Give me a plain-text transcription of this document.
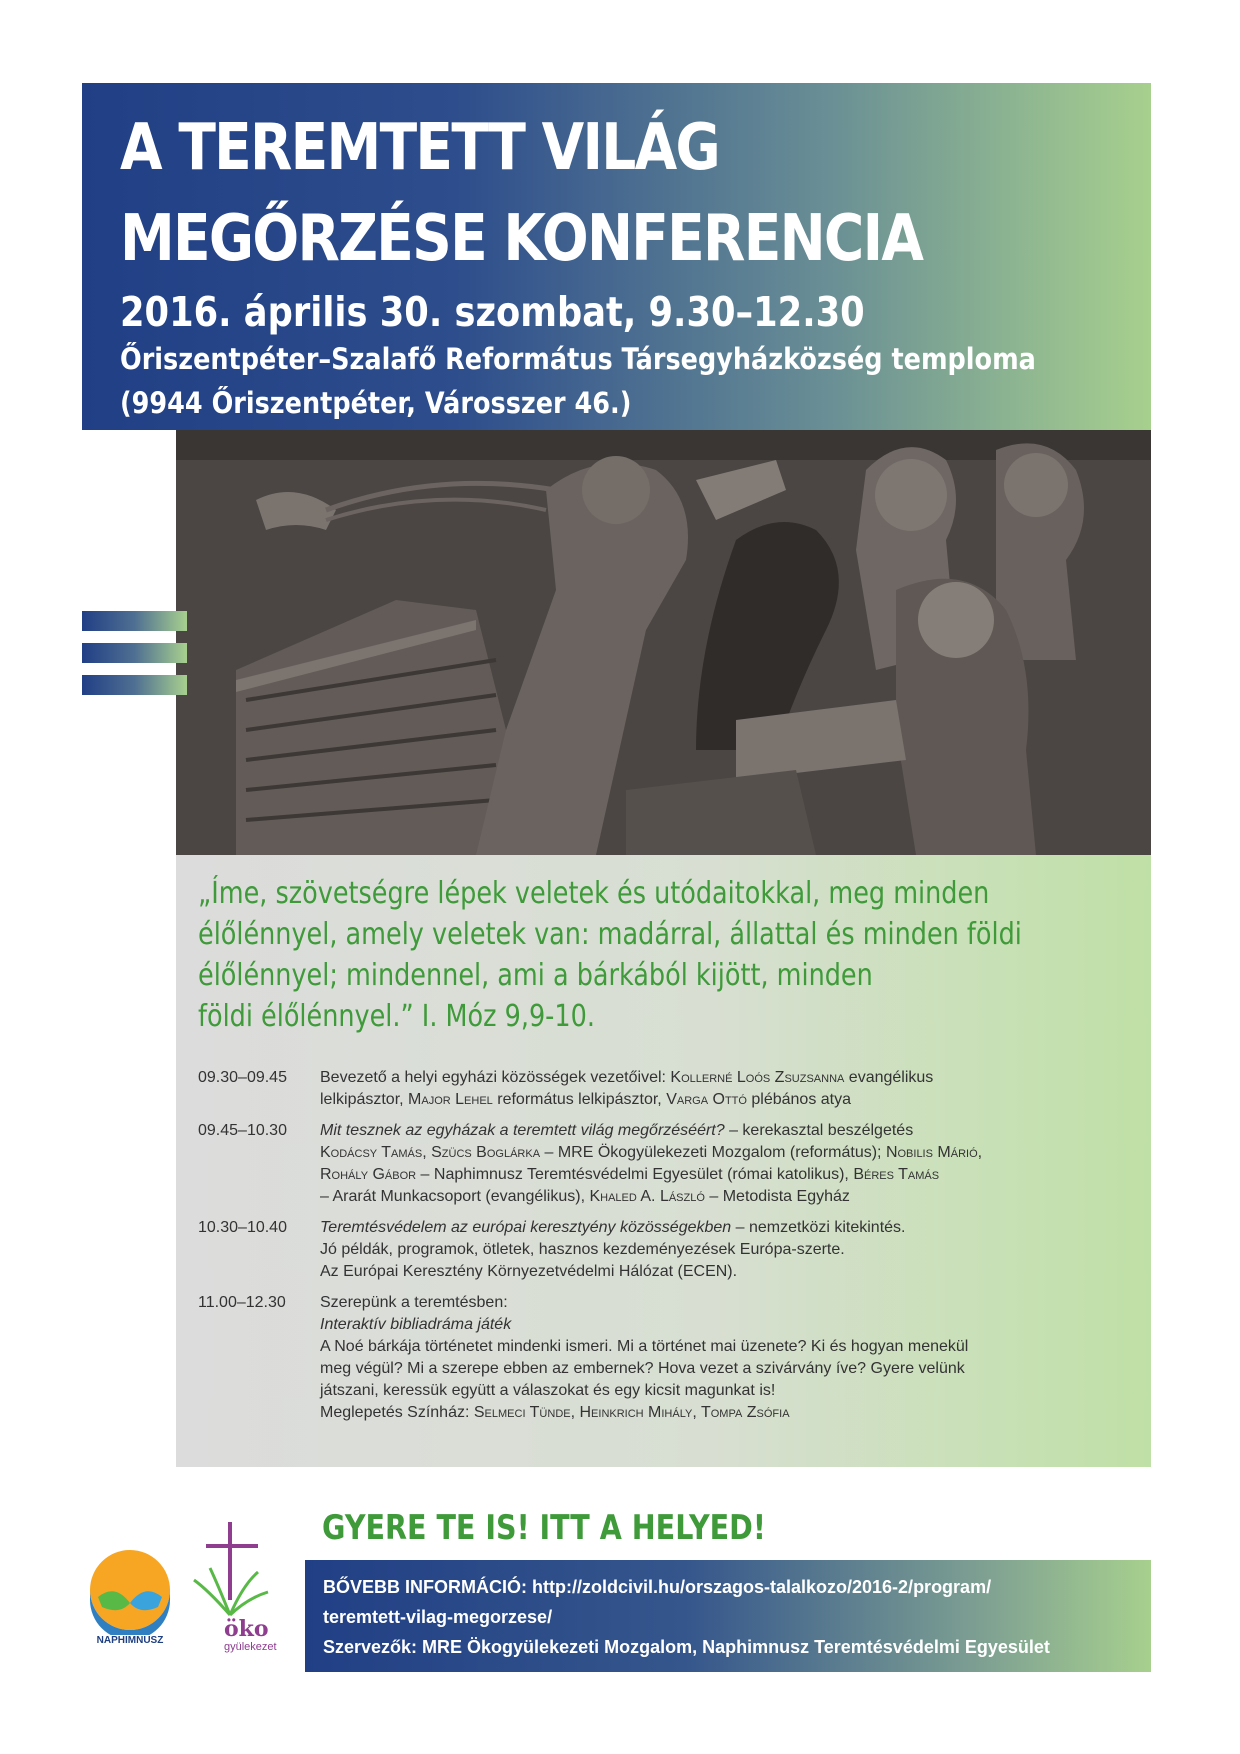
A TEREMTETT VILÁG
MEGŐRZÉSE KONFERENCIA
2016. április 30. szombat, 9.30–12.30
Őriszentpéter–Szalafő Református Társegyházközség temploma
(9944 Őriszentpéter, Városszer 46.)
„Íme, szövetségre lépek veletek és utódaitokkal, meg minden
élőlénnyel, amely veletek van: madárral, állattal és minden földi
élőlénnyel; mindennel, ami a bárkából kijött, minden
földi élőlénnyel.” I. Móz 9,9-10.
09.30–09.45	Bevezető a helyi egyházi közösségek vezetőivel: Kollerné Loós Zsuzsanna evangélikus
lelkipásztor, Major Lehel református lelkipásztor, Varga Ottó plébános atya
09.45–10.30	Mit tesznek az egyházak a teremtett világ megőrzéséért? – kerekasztal beszélgetés
Kodácsy Tamás, Szücs Boglárka – MRE Ökogyülekezeti Mozgalom (református); Nobilis Márió,
Rohály Gábor – Naphimnusz Teremtésvédelmi Egyesület (római katolikus), Béres Tamás
– Ararát Munkacsoport (evangélikus), Khaled A. László – Metodista Egyház
10.30–10.40	Teremtésvédelem az európai keresztyény közösségekben – nemzetközi kitekintés.
Jó példák, programok, ötletek, hasznos kezdeményezések Európa-szerte.
Az Európai Keresztény Környezetvédelmi Hálózat (ECEN).
11.00–12.30	Szerepünk a teremtésben:
Interaktív bibliadráma játék
A Noé bárkája történetet mindenki ismeri. Mi a történet mai üzenete? Ki és hogyan menekül
meg végül? Mi a szerepe ebben az embernek? Hova vezet a szivárvány íve? Gyere velünk
játszani, keressük együtt a válaszokat és egy kicsit magunkat is!
Meglepetés Színház: Selmeci Tünde, Heinkrich Mihály, Tompa Zsófia
GYERE TE IS! ITT A HELYED!
BŐVEBB INFORMÁCIÓ: http://zoldcivil.hu/orszagos-talalkozo/2016-2/program/
teremtett-vilag-megorzese/
Szervezők: MRE Ökogyülekezeti Mozgalom, Naphimnusz Teremtésvédelmi Egyesület
NAPHIMNUSZ	öko
gyülekezet
